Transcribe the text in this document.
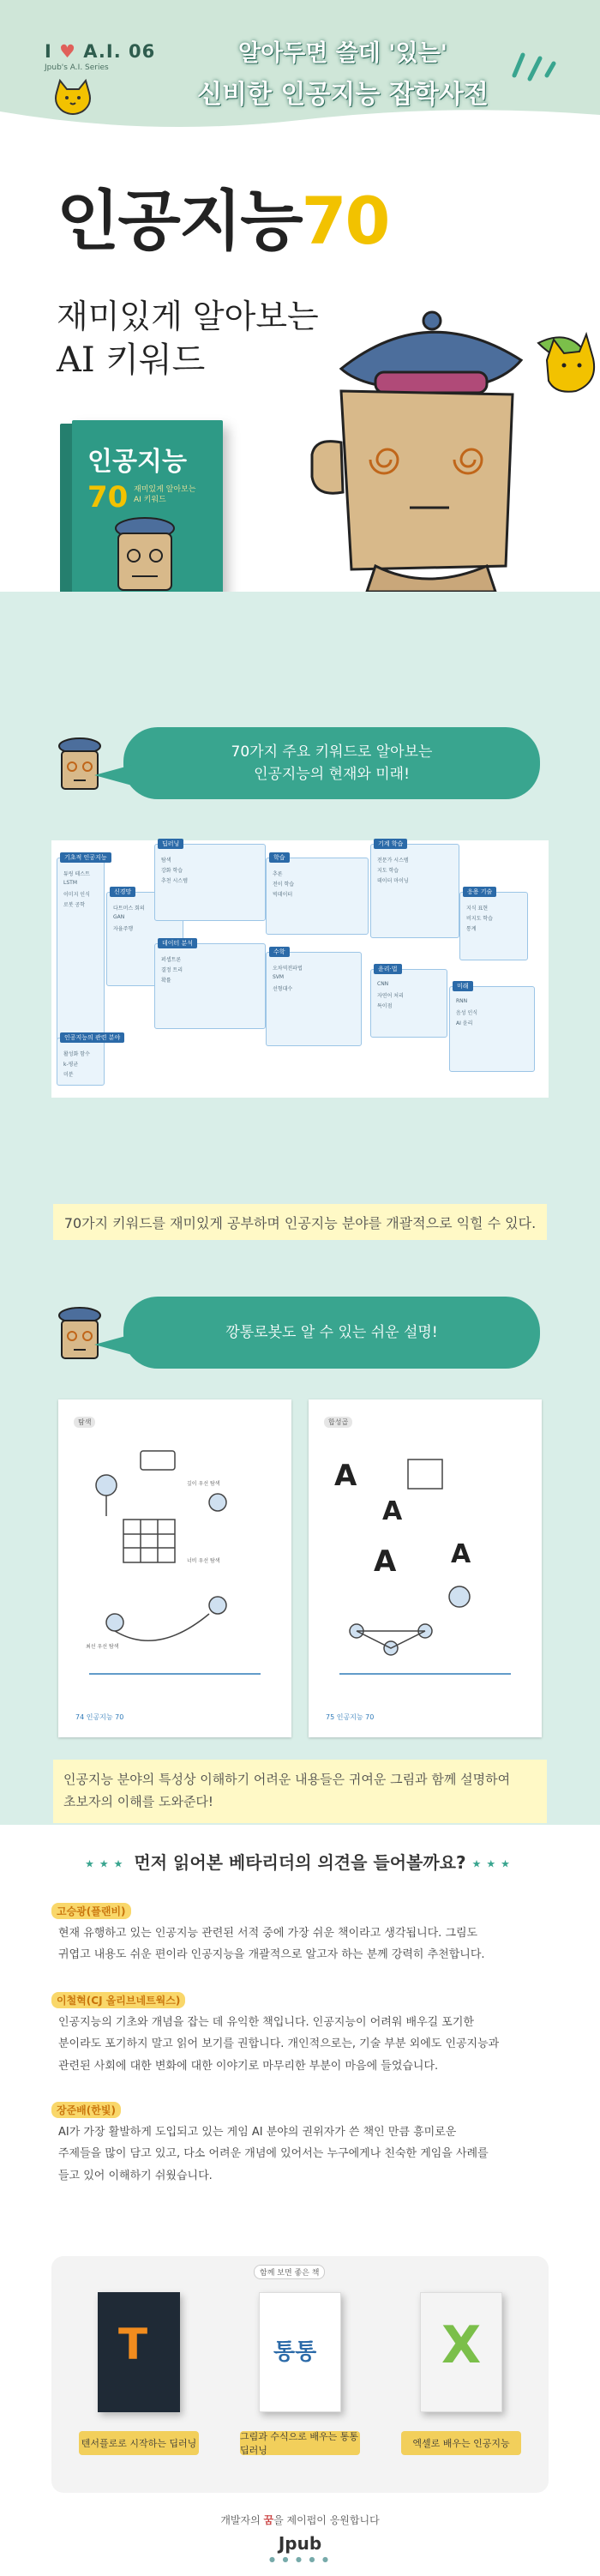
I ♥ A.I. 06
Jpub's A.I. Series
알아두면 쓸데 '있는'
신비한 인공지능 잡학사전
인공지능70
재미있게 알아보는
AI 키워드
인공지능
70 재미있게 알아보는
AI 키워드
70가지 주요 키워드로 알아보는
인공지능의 현재와 미래!
기초적 인공지능
신경망
딥러닝
학습
기계 학습
응용 기술
데이터 분석
수학
인공지능의 관련 분야
윤리·법
미래
튜링 테스트
다트머스 회의
탐색
추론
전문가 시스템
지식 표현
퍼셉트론
오차역전파법
활성화 함수
CNN
RNN
LSTM
GAN
강화 학습
전이 학습
지도 학습
비지도 학습
결정 트리
SVM
k-평균
자연어 처리
음성 인식
이미지 인식
자율주행
추천 시스템
빅데이터
데이터 마이닝
통계
확률
선형대수
미분
특이점
AI 윤리
로봇 공학
70가지 키워드를 재미있게 공부하며 인공지능 분야를 개괄적으로 익힐 수 있다.
깡통로봇도 알 수 있는 쉬운 설명!
탐색
깊이 우선 탐색
너비 우선 탐색
최선 우선 탐색
74 인공지능 70
합성곱
A
A
A A
75 인공지능 70
인공지능 분야의 특성상 이해하기 어려운 내용들은 귀여운 그림과 함께 설명하여
초보자의 이해를 도와준다!
★★★ 먼저 읽어본 베타리더의 의견을 들어볼까요? ★★★
고승광(플랜비)
현재 유행하고 있는 인공지능 관련된 서적 중에 가장 쉬운 책이라고 생각됩니다. 그림도
귀엽고 내용도 쉬운 편이라 인공지능을 개괄적으로 알고자 하는 분께 강력히 추천합니다.
이철혁(CJ 올리브네트웍스)
인공지능의 기초와 개념을 잡는 데 유익한 책입니다. 인공지능이 어려워 배우길 포기한
분이라도 포기하지 말고 읽어 보기를 권합니다. 개인적으로는, 기술 부분 외에도 인공지능과
관련된 사회에 대한 변화에 대한 이야기로 마무리한 부분이 마음에 들었습니다.
장준배(한빛)
AI가 가장 활발하게 도입되고 있는 게임 AI 분야의 권위자가 쓴 책인 만큼 흥미로운
주제들을 많이 담고 있고, 다소 어려운 개념에 있어서는 누구에게나 친숙한 게임을 사례를
들고 있어 이해하기 쉬웠습니다.
함께 보면 좋은 책
T
텐서플로로 시작하는 딥러닝
통통
그림과 수식으로 배우는 통통 딥러닝
X
엑셀로 배우는 인공지능
개발자의 꿈을 제이펍이 응원합니다
Jpub
● ● ● ● ●
